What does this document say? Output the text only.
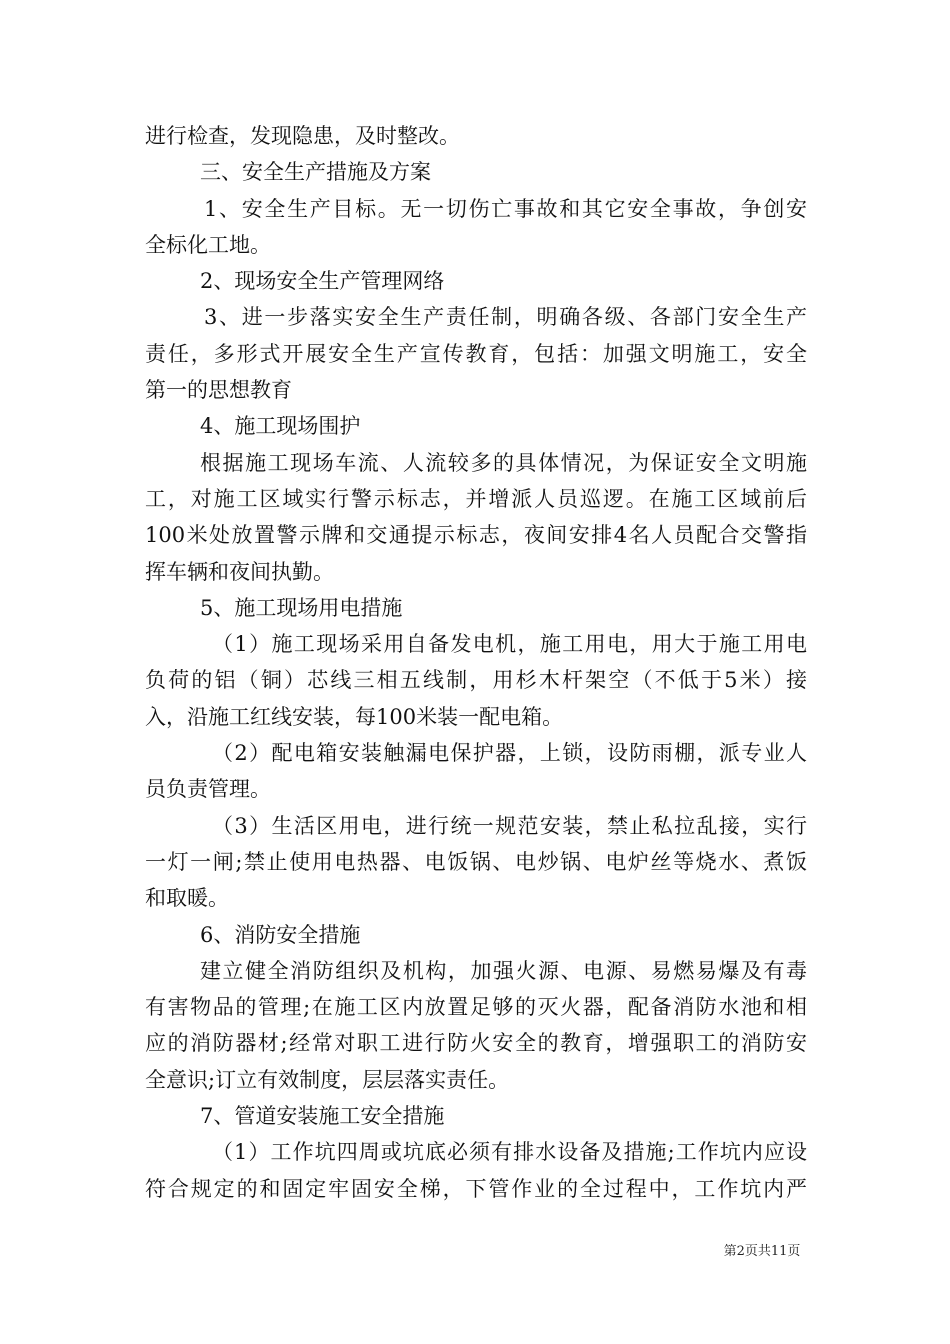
进行检查，发现隐患，及时整改。
三、安全生产措施及方案
1、安全生产目标。无一切伤亡事故和其它安全事故，争创安
全标化工地。
2、现场安全生产管理网络
3、进一步落实安全生产责任制，明确各级、各部门安全生产
责任，多形式开展安全生产宣传教育，包括：加强文明施工，安全
第一的思想教育
4、施工现场围护
根据施工现场车流、人流较多的具体情况，为保证安全文明施
工，对施工区域实行警示标志，并增派人员巡逻。在施工区域前后
100米处放置警示牌和交通提示标志，夜间安排4名人员配合交警指
挥车辆和夜间执勤。
5、施工现场用电措施
（1）施工现场采用自备发电机，施工用电，用大于施工用电
负荷的铝（铜）芯线三相五线制，用杉木杆架空（不低于5米）接
入，沿施工红线安装，每100米装一配电箱。
（2）配电箱安装触漏电保护器，上锁，设防雨棚，派专业人
员负责管理。
（3）生活区用电，进行统一规范安装，禁止私拉乱接，实行
一灯一闸;禁止使用电热器、电饭锅、电炒锅、电炉丝等烧水、煮饭
和取暖。
6、消防安全措施
建立健全消防组织及机构，加强火源、电源、易燃易爆及有毒
有害物品的管理;在施工区内放置足够的灭火器，配备消防水池和相
应的消防器材;经常对职工进行防火安全的教育，增强职工的消防安
全意识;订立有效制度，层层落实责任。
7、管道安装施工安全措施
（1）工作坑四周或坑底必须有排水设备及措施;工作坑内应设
符合规定的和固定牢固安全梯，下管作业的全过程中，工作坑内严
第2页共11页
